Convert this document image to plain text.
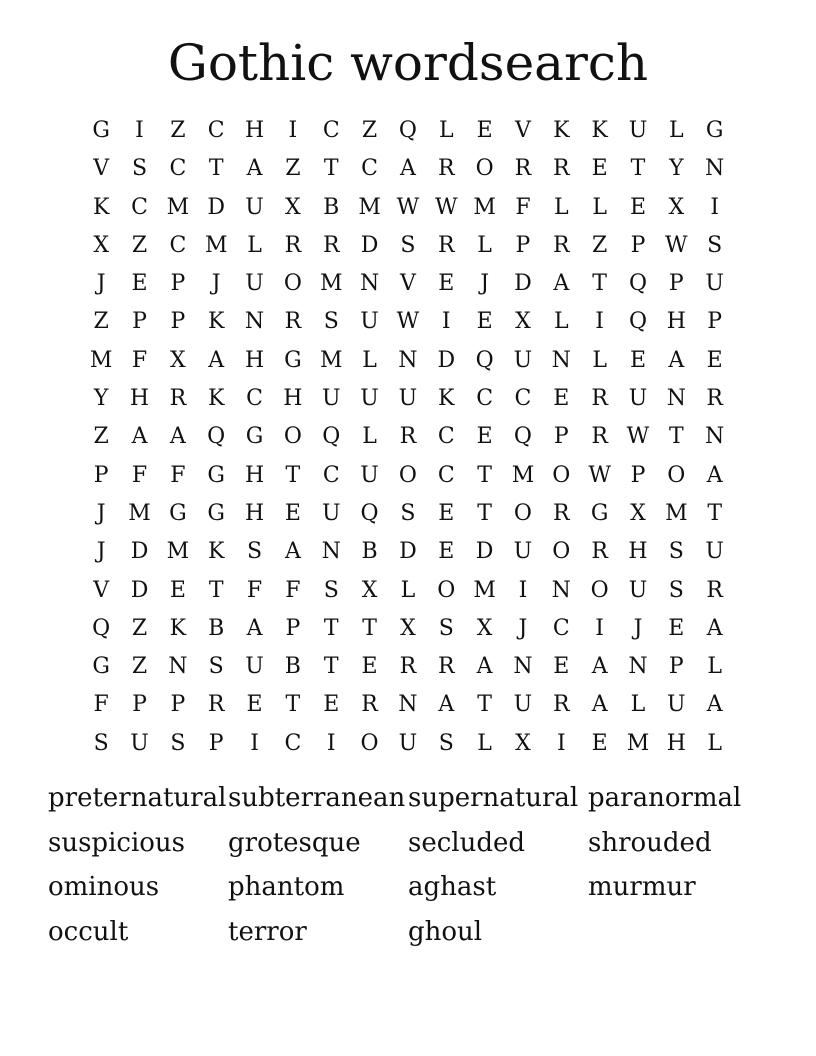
Gothic wordsearch
G	I	Z	C H	I	C	Z Q	L	E	V	K K U L	G
V	S	C	T	A	Z	T	C A	R O R R	E	T	Y N
K C M D U X	B M W W M F	L	L	E	X	I
X	Z	C M L	R R D S	R	L	P	R	Z	P W S
J	E	P	J	U O M N V	E	J	D A	T Q P U
Z	P	P	K N R	S U W	I	E	X	L	I	Q H P
M F	X	A H G M L N D Q U N L	E	A	E
Y H R K C H U U U K C C E	R U N R
Z	A	A Q G O Q	L	R C E Q P	R W T N
P	F	F G H T	C U O C	T M O W P O A
J	M G G H E U Q S	E	T O R G X M T
J	D M K	S	A N B D E D U O R H S U
V D E	T	F	F	S	X	L	O M	I	N O U S	R
Q Z	K	B	A	P	T	T	X	S	X	J	C	I	J	E	A
G Z N S U B	T	E	R R	A N E	A N P	L
F	P	P	R	E	T	E	R N A	T U R	A	L U A
S U S	P	I	C	I	O U S	L	X	I	E M H L
preternatural subterranean supernatural paranormal
suspicious	grotesque	secluded	shrouded
ominous	phantom	aghast	murmur
occult	terror	ghoul
